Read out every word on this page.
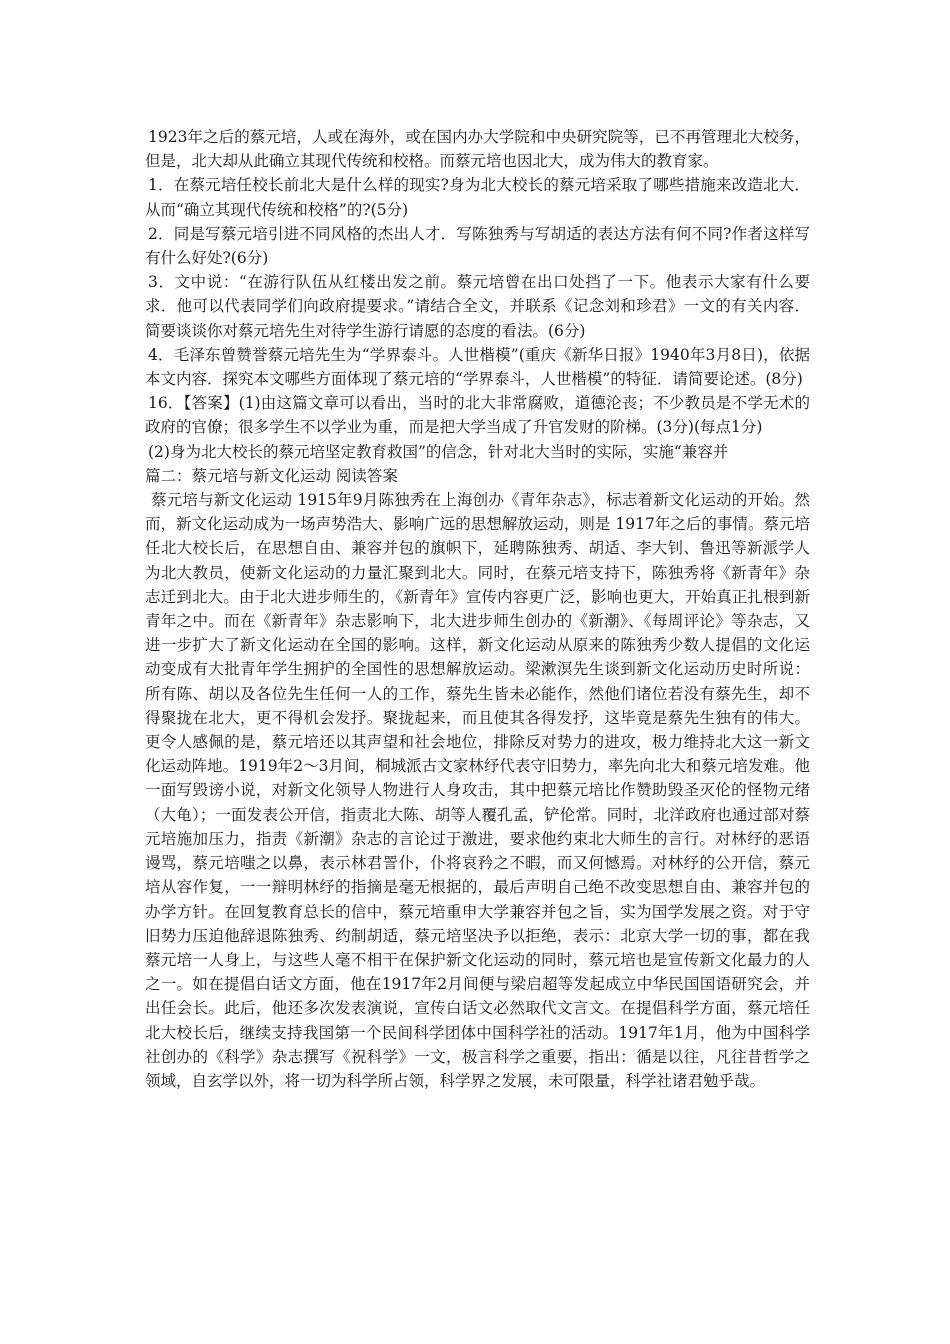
1923年之后的蔡元培，人或在海外，或在国内办大学院和中央研究院等，已不再管理北大校务，但是，北大却从此确立其现代传统和校格。而蔡元培也因北大，成为伟大的教育家。

1．在蔡元培任校长前北大是什么样的现实?身为北大校长的蔡元培采取了哪些措施来改造北大．从而“确立其现代传统和校格”的?(5分)

2．同是写蔡元培引进不同风格的杰出人才．写陈独秀与写胡适的表达方法有何不同?作者这样写有什么好处?(6分)

3．文中说：“在游行队伍从红楼出发之前。蔡元培曾在出口处挡了一下。他表示大家有什么要求．他可以代表同学们向政府提要求。”请结合全文，并联系《记念刘和珍君》一文的有关内容．简要谈谈你对蔡元培先生对待学生游行请愿的态度的看法。(6分)

4．毛泽东曾赞誉蔡元培先生为“学界泰斗。人世楷模”(重庆《新华日报》1940年3月8日)，依据本文内容．探究本文哪些方面体现了蔡元培的“学界泰斗，人世楷模”的特征．请简要论述。(8分)

16．【答案】(1)由这篇文章可以看出，当时的北大非常腐败，道德沦丧；不少教员是不学无术的政府的官僚；很多学生不以学业为重，而是把大学当成了升官发财的阶梯。(3分)(每点1分)

(2)身为北大校长的蔡元培坚定教育救国”的信念，针对北大当时的实际，实施“兼容并

篇二：蔡元培与新文化运动 阅读答案

蔡元培与新文化运动 1915年9月陈独秀在上海创办《青年杂志》，标志着新文化运动的开始。然而，新文化运动成为一场声势浩大、影响广远的思想解放运动，则是 1917年之后的事情。蔡元培任北大校长后，在思想自由、兼容并包的旗帜下，延聘陈独秀、胡适、李大钊、鲁迅等新派学人为北大教员，使新文化运动的力量汇聚到北大。同时，在蔡元培支持下，陈独秀将《新青年》杂志迁到北大。由于北大进步师生的，《新青年》宣传内容更广泛，影响也更大，开始真正扎根到新青年之中。而在《新青年》杂志影响下，北大进步师生创办的《新潮》、《每周评论》等杂志，又进一步扩大了新文化运动在全国的影响。这样，新文化运动从原来的陈独秀少数人提倡的文化运动变成有大批青年学生拥护的全国性的思想解放运动。梁漱溟先生谈到新文化运动历史时所说：所有陈、胡以及各位先生任何一人的工作，蔡先生皆未必能作，然他们诸位若没有蔡先生，却不得聚拢在北大，更不得机会发抒。聚拢起来，而且使其各得发抒，这毕竟是蔡先生独有的伟大。更令人感佩的是，蔡元培还以其声望和社会地位，排除反对势力的进攻，极力维持北大这一新文化运动阵地。1919年2～3月间，桐城派古文家林纾代表守旧势力，率先向北大和蔡元培发难。他一面写毁谤小说，对新文化领导人物进行人身攻击，其中把蔡元培比作赞助毁圣灭伦的怪物元绪（大龟）；一面发表公开信，指责北大陈、胡等人覆孔孟，铲伦常。同时，北洋政府也通过部对蔡元培施加压力，指责《新潮》杂志的言论过于激进，要求他约束北大师生的言行。对林纾的恶语谩骂，蔡元培嗤之以鼻，表示林君詈仆，仆将哀矜之不暇，而又何憾焉。对林纾的公开信，蔡元培从容作复，一一辩明林纾的指摘是毫无根据的，最后声明自己绝不改变思想自由、兼容并包的办学方针。在回复教育总长的信中，蔡元培重申大学兼容并包之旨，实为国学发展之资。对于守旧势力压迫他辞退陈独秀、约制胡适，蔡元培坚决予以拒绝，表示：北京大学一切的事，都在我蔡元培一人身上，与这些人毫不相干在保护新文化运动的同时，蔡元培也是宣传新文化最力的人之一。如在提倡白话文方面，他在1917年2月间便与梁启超等发起成立中华民国国语研究会，并出任会长。此后，他还多次发表演说，宣传白话文必然取代文言文。在提倡科学方面，蔡元培任北大校长后，继续支持我国第一个民间科学团体中国科学社的活动。1917年1月，他为中国科学社创办的《科学》杂志撰写《祝科学》一文，极言科学之重要，指出：循是以往，凡往昔哲学之领域，自玄学以外，将一切为科学所占领，科学界之发展，未可限量，科学社诸君勉乎哉。
